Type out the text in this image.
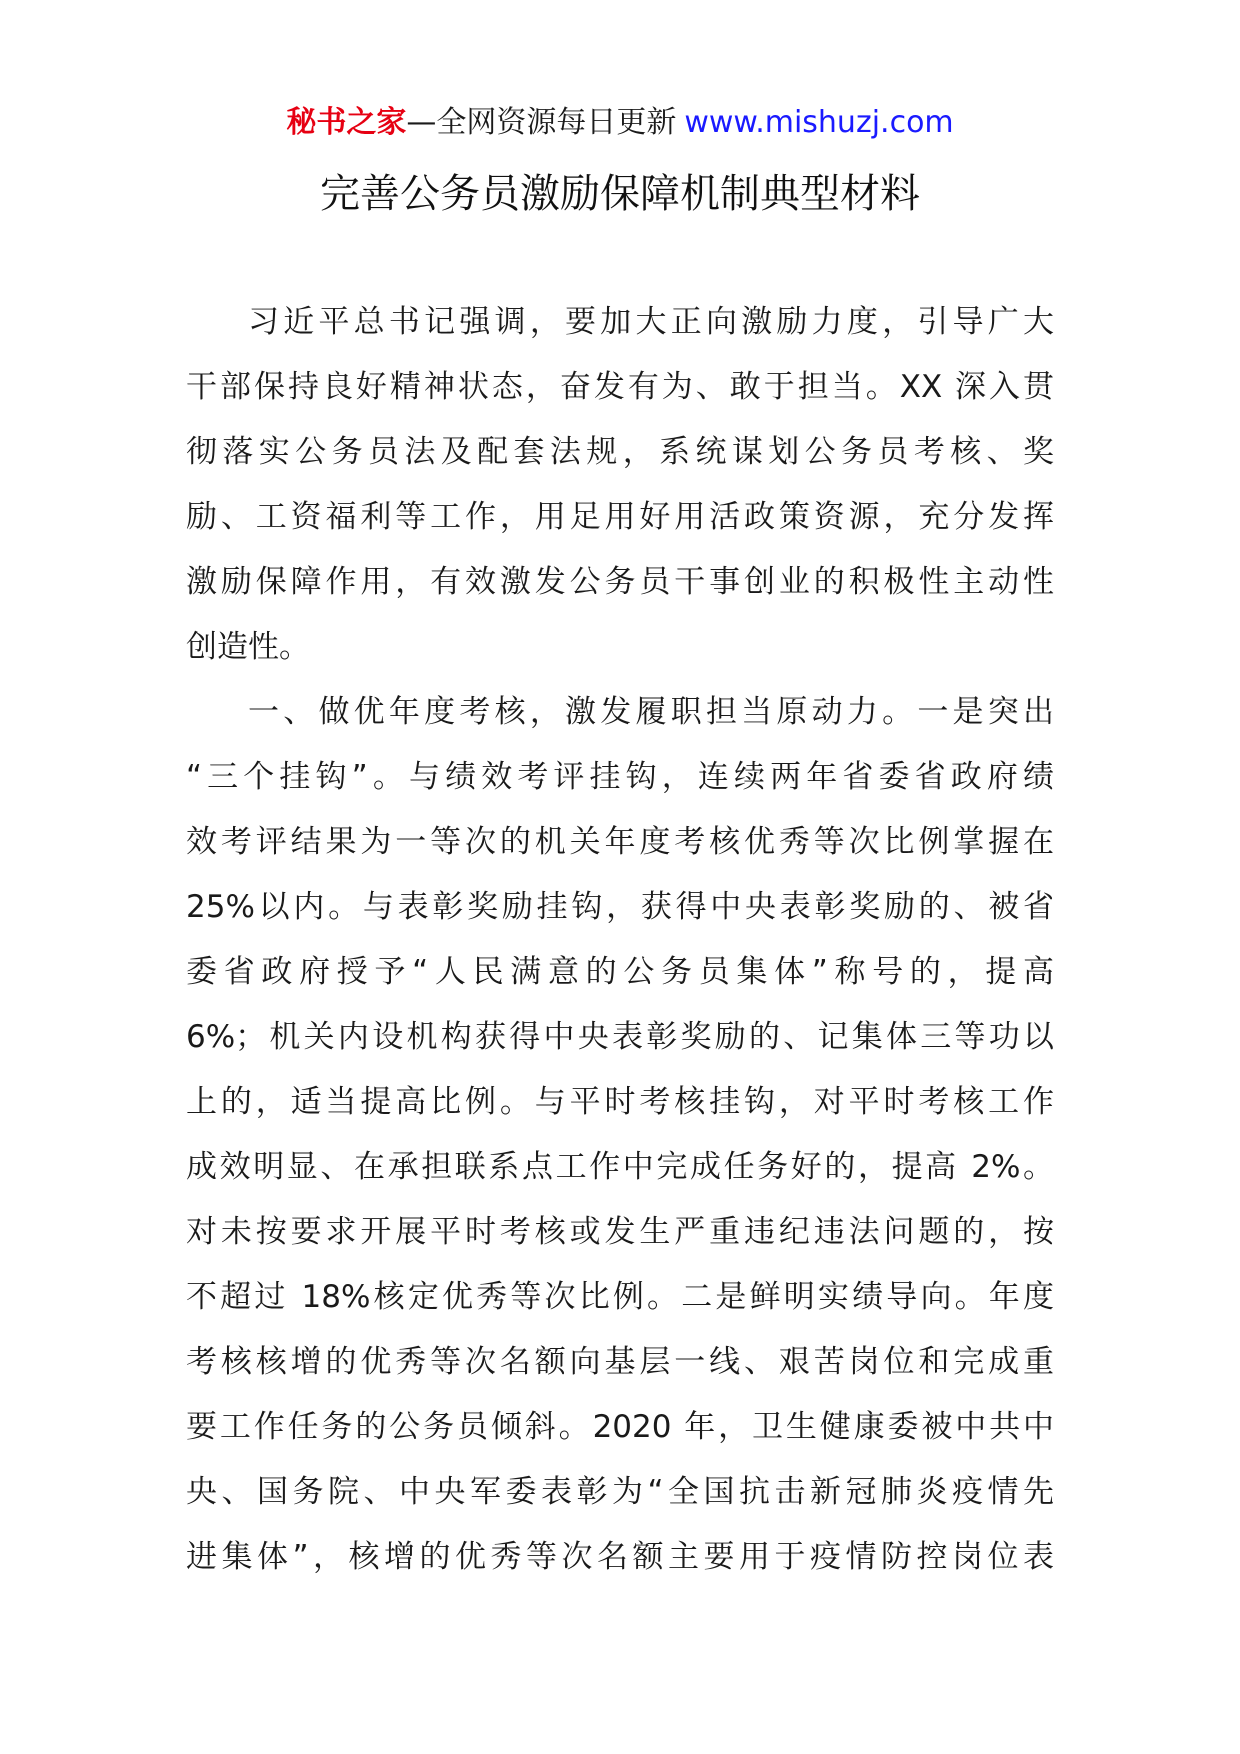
秘书之家—全网资源每日更新 www.mishuzj.com
完善公务员激励保障机制典型材料
习近平总书记强调，要加大正向激励力度，引导广大
干部保持良好精神状态，奋发有为、敢于担当。XX 深入贯
彻落实公务员法及配套法规，系统谋划公务员考核、奖
励、工资福利等工作，用足用好用活政策资源，充分发挥
激励保障作用，有效激发公务员干事创业的积极性主动性
创造性。
一、做优年度考核，激发履职担当原动力。一是突出
“三个挂钩”。与绩效考评挂钩，连续两年省委省政府绩
效考评结果为一等次的机关年度考核优秀等次比例掌握在
25%以内。与表彰奖励挂钩，获得中央表彰奖励的、被省
委省政府授予“人民满意的公务员集体”称号的，提高
6%；机关内设机构获得中央表彰奖励的、记集体三等功以
上的，适当提高比例。与平时考核挂钩，对平时考核工作
成效明显、在承担联系点工作中完成任务好的，提高 2%。
对未按要求开展平时考核或发生严重违纪违法问题的，按
不超过 18%核定优秀等次比例。二是鲜明实绩导向。年度
考核核增的优秀等次名额向基层一线、艰苦岗位和完成重
要工作任务的公务员倾斜。2020 年，卫生健康委被中共中
央、国务院、中央军委表彰为“全国抗击新冠肺炎疫情先
进集体”，核增的优秀等次名额主要用于疫情防控岗位表
